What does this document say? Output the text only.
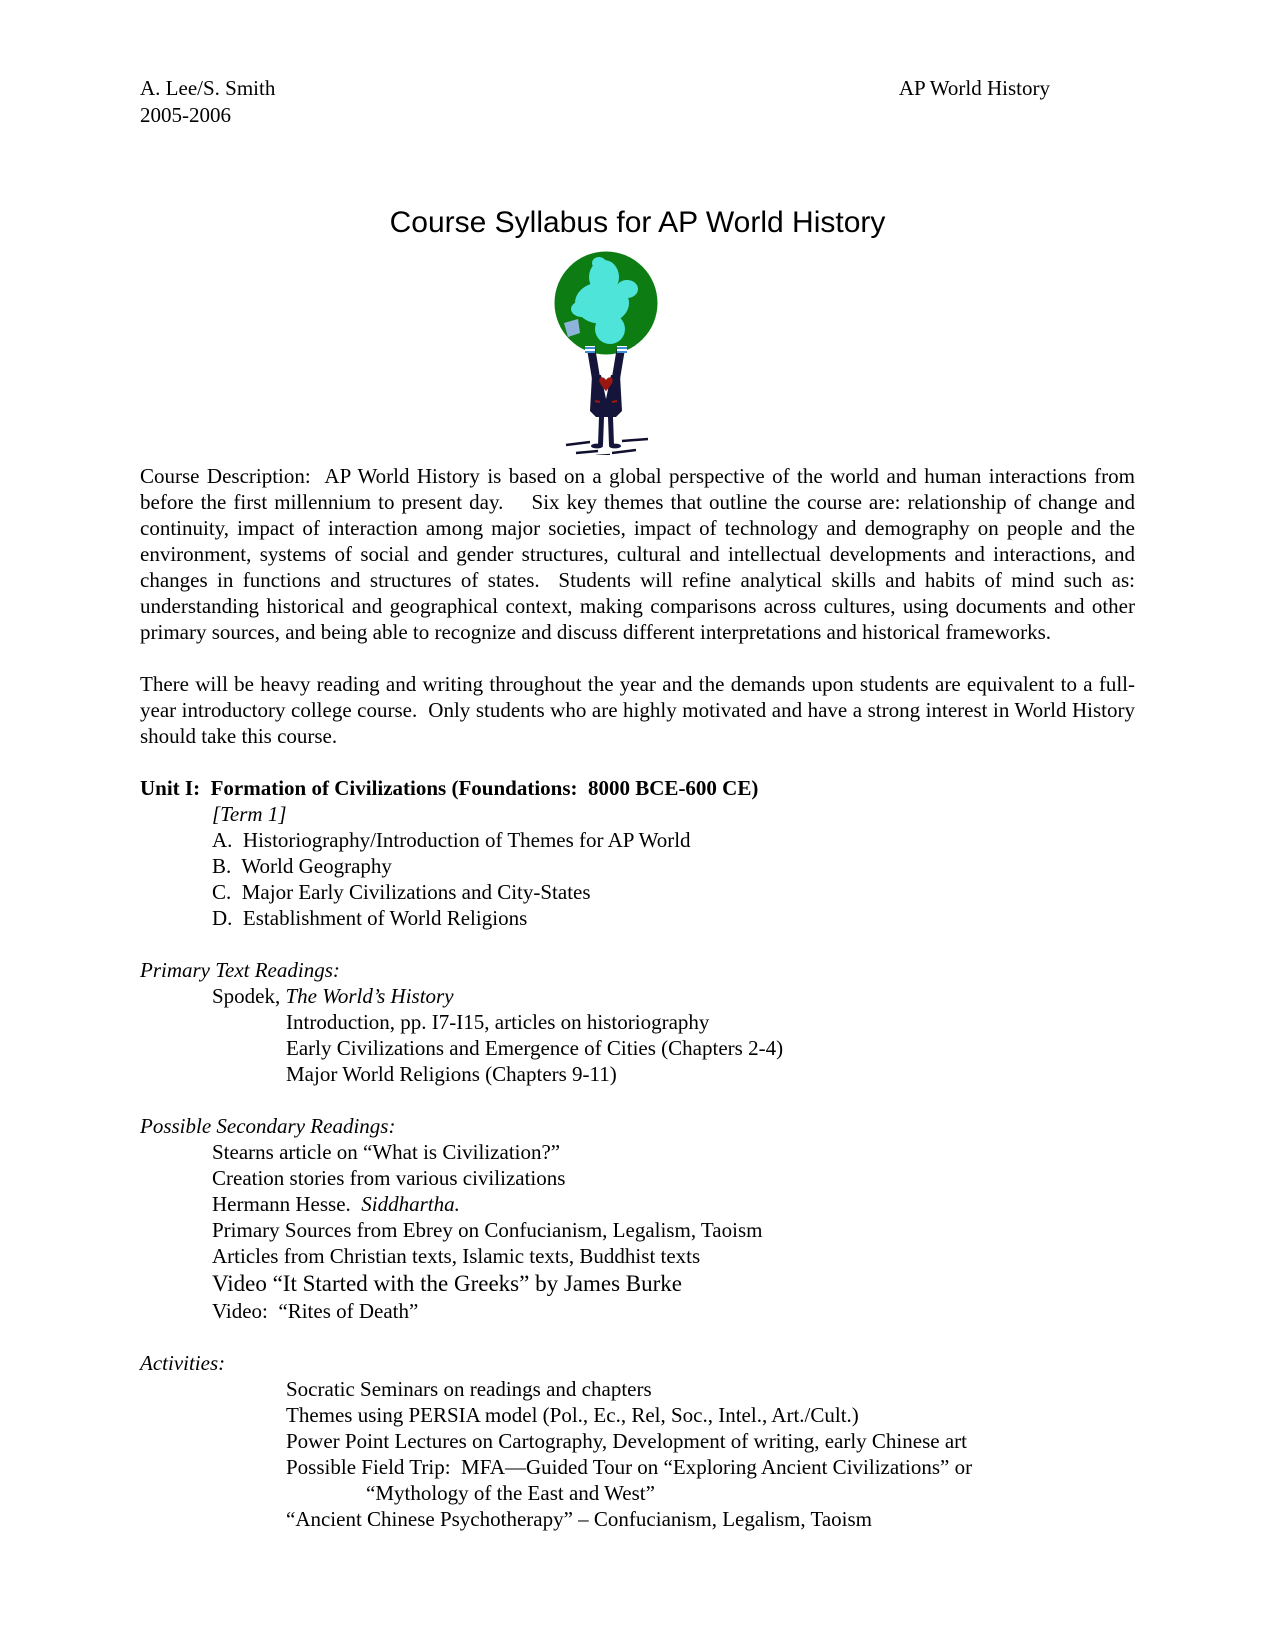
A. Lee/S. Smith
2005-2006
AP World History
Course Syllabus for AP World History

Course Description:  AP World History is based on a global perspective of the world and human interactions from before the first millennium to present day.    Six key themes that outline the course are: relationship of change and continuity, impact of interaction among major societies, impact of technology and demography on people and the environment, systems of social and gender structures, cultural and intellectual developments and interactions, and changes in functions and structures of states.  Students will refine analytical skills and habits of mind such as: understanding historical and geographical context, making comparisons across cultures, using documents and other primary sources, and being able to recognize and discuss different interpretations and historical frameworks.

There will be heavy reading and writing throughout the year and the demands upon students are equivalent to a full-year introductory college course.  Only students who are highly motivated and have a strong interest in World History should take this course.

Unit I:  Formation of Civilizations (Foundations:  8000 BCE-600 CE)
[Term 1]
A.  Historiography/Introduction of Themes for AP World
B.  World Geography
C.  Major Early Civilizations and City-States
D.  Establishment of World Religions
Primary Text Readings:
Spodek, The World’s History
Introduction, pp. I7-I15, articles on historiography
Early Civilizations and Emergence of Cities (Chapters 2-4)
Major World Religions (Chapters 9-11)
Possible Secondary Readings:
Stearns article on “What is Civilization?”
Creation stories from various civilizations
Hermann Hesse.  Siddhartha.
Primary Sources from Ebrey on Confucianism, Legalism, Taoism
Articles from Christian texts, Islamic texts, Buddhist texts
Video “It Started with the Greeks” by James Burke
Video:  “Rites of Death”
Activities:
Socratic Seminars on readings and chapters
Themes using PERSIA model (Pol., Ec., Rel, Soc., Intel., Art./Cult.)
Power Point Lectures on Cartography, Development of writing, early Chinese art
Possible Field Trip:  MFA—Guided Tour on “Exploring Ancient Civilizations” or
“Mythology of the East and West”
“Ancient Chinese Psychotherapy” – Confucianism, Legalism, Taoism
